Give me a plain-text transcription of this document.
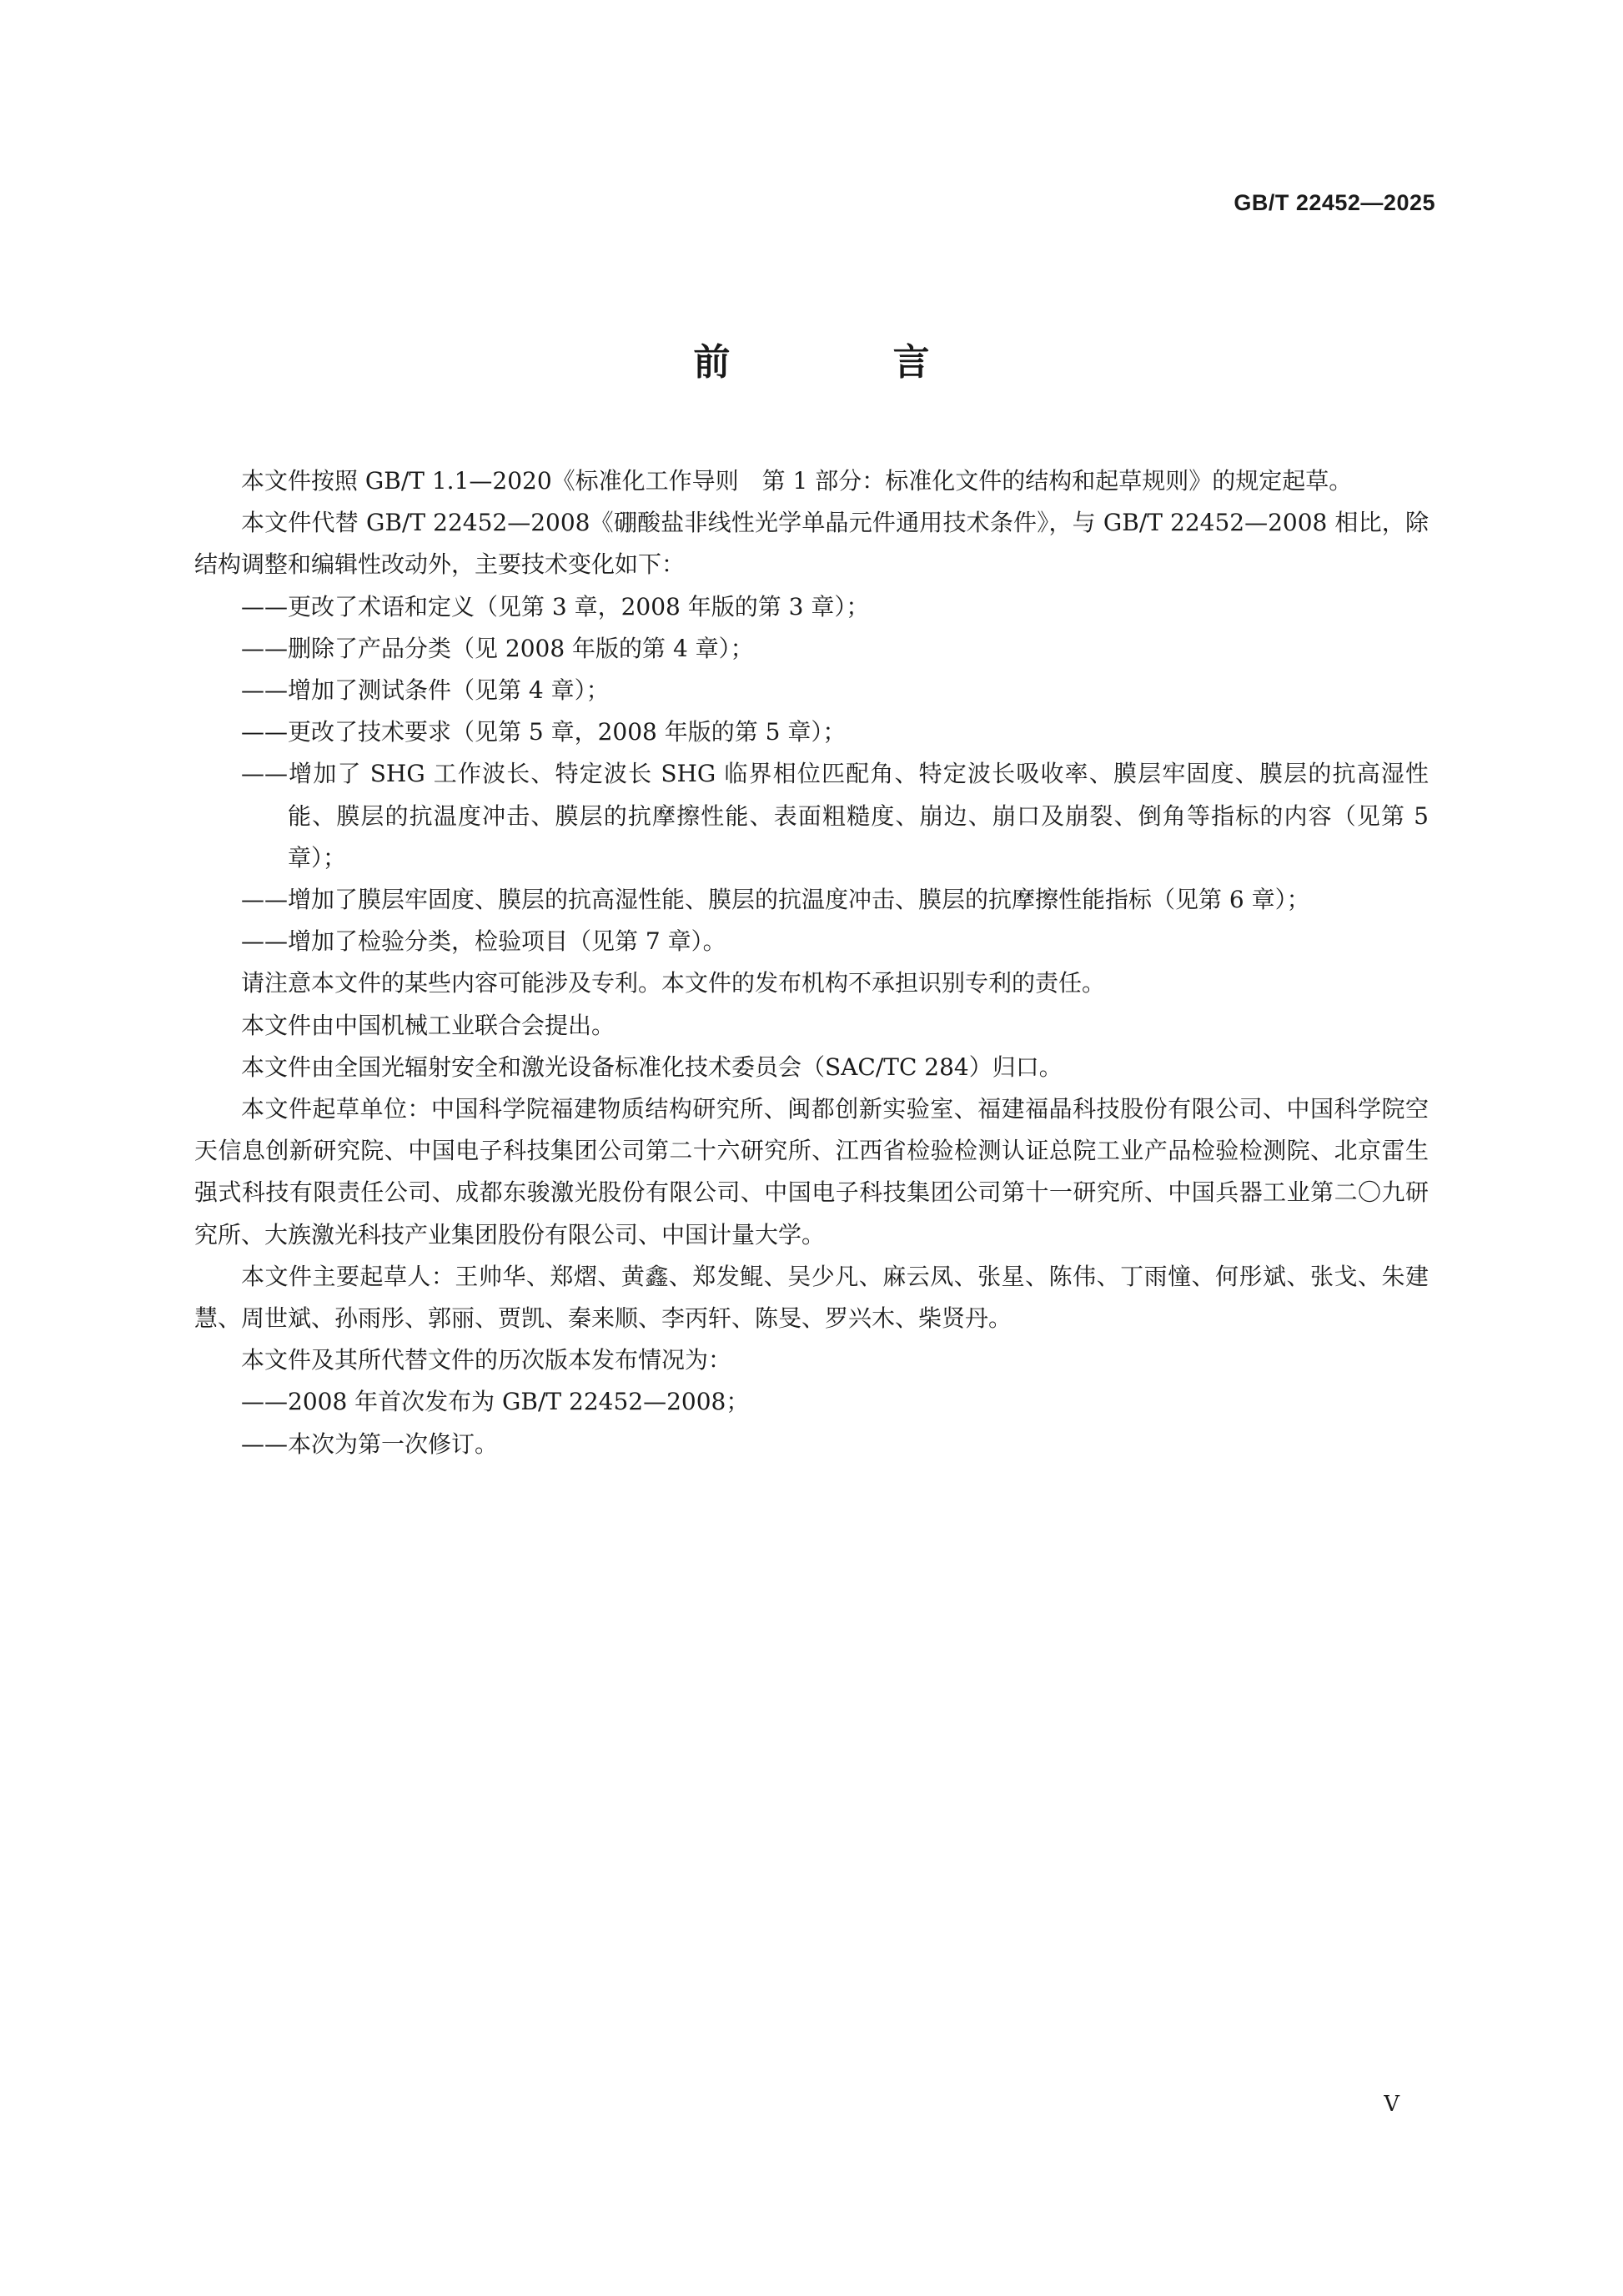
GB/T 22452—2025
前 言

本文件按照 GB/T 1.1—2020《标准化工作导则　第 1 部分：标准化文件的结构和起草规则》的规定起草。

本文件代替 GB/T 22452—2008《硼酸盐非线性光学单晶元件通用技术条件》，与 GB/T 22452—2008 相比，除结构调整和编辑性改动外，主要技术变化如下：

——更改了术语和定义（见第 3 章，2008 年版的第 3 章）；

——删除了产品分类（见 2008 年版的第 4 章）；

——增加了测试条件（见第 4 章）；

——更改了技术要求（见第 5 章，2008 年版的第 5 章）；

——增加了 SHG 工作波长、特定波长 SHG 临界相位匹配角、特定波长吸收率、膜层牢固度、膜层的抗高湿性能、膜层的抗温度冲击、膜层的抗摩擦性能、表面粗糙度、崩边、崩口及崩裂、倒角等指标的内容（见第 5 章）；

——增加了膜层牢固度、膜层的抗高湿性能、膜层的抗温度冲击、膜层的抗摩擦性能指标（见第 6 章）；

——增加了检验分类，检验项目（见第 7 章）。

请注意本文件的某些内容可能涉及专利。本文件的发布机构不承担识别专利的责任。

本文件由中国机械工业联合会提出。

本文件由全国光辐射安全和激光设备标准化技术委员会（SAC/TC 284）归口。

本文件起草单位：中国科学院福建物质结构研究所、闽都创新实验室、福建福晶科技股份有限公司、中国科学院空天信息创新研究院、中国电子科技集团公司第二十六研究所、江西省检验检测认证总院工业产品检验检测院、北京雷生强式科技有限责任公司、成都东骏激光股份有限公司、中国电子科技集团公司第十一研究所、中国兵器工业第二〇九研究所、大族激光科技产业集团股份有限公司、中国计量大学。

本文件主要起草人：王帅华、郑熠、黄鑫、郑发鲲、吴少凡、麻云凤、张星、陈伟、丁雨憧、何彤斌、张戈、朱建慧、周世斌、孙雨彤、郭丽、贾凯、秦来顺、李丙轩、陈旻、罗兴木、柴贤丹。

本文件及其所代替文件的历次版本发布情况为：

——2008 年首次发布为 GB/T 22452—2008；

——本次为第一次修订。

V
